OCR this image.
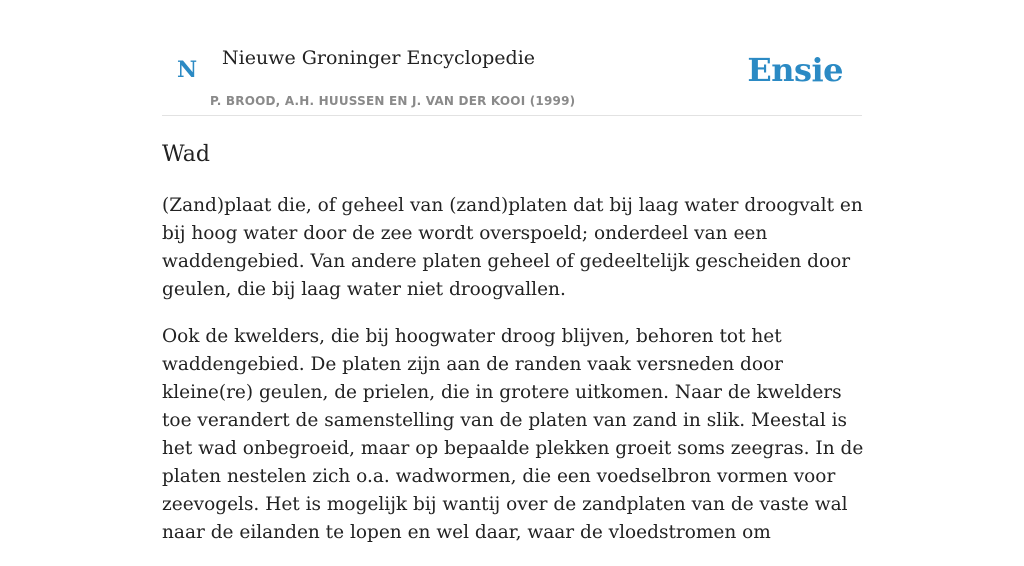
N Nieuwe Groninger Encyclopedie
P. BROOD, A.H. HUUSSEN EN J. VAN DER KOOI (1999)
Ensie
Wad

(Zand)plaat die, of geheel van (zand)platen dat bij laag water droogvalt en bij hoog water door de zee wordt overspoeld; onderdeel van een waddengebied. Van andere platen geheel of gedeeltelijk gescheiden door geulen, die bij laag water niet droogvallen.

Ook de kwelders, die bij hoogwater droog blijven, behoren tot het waddengebied. De platen zijn aan de randen vaak versneden door kleine(re) geulen, de prielen, die in grotere uitkomen. Naar de kwelders toe verandert de samenstelling van de platen van zand in slik. Meestal is het wad onbegroeid, maar op bepaalde plekken groeit soms zeegras. In de platen nestelen zich o.a. wadwormen, die een voedselbron vormen voor zeevogels. Het is mogelijk bij wantij over de zandplaten van de vaste wal naar de eilanden te lopen en wel daar, waar de vloedstromen om
